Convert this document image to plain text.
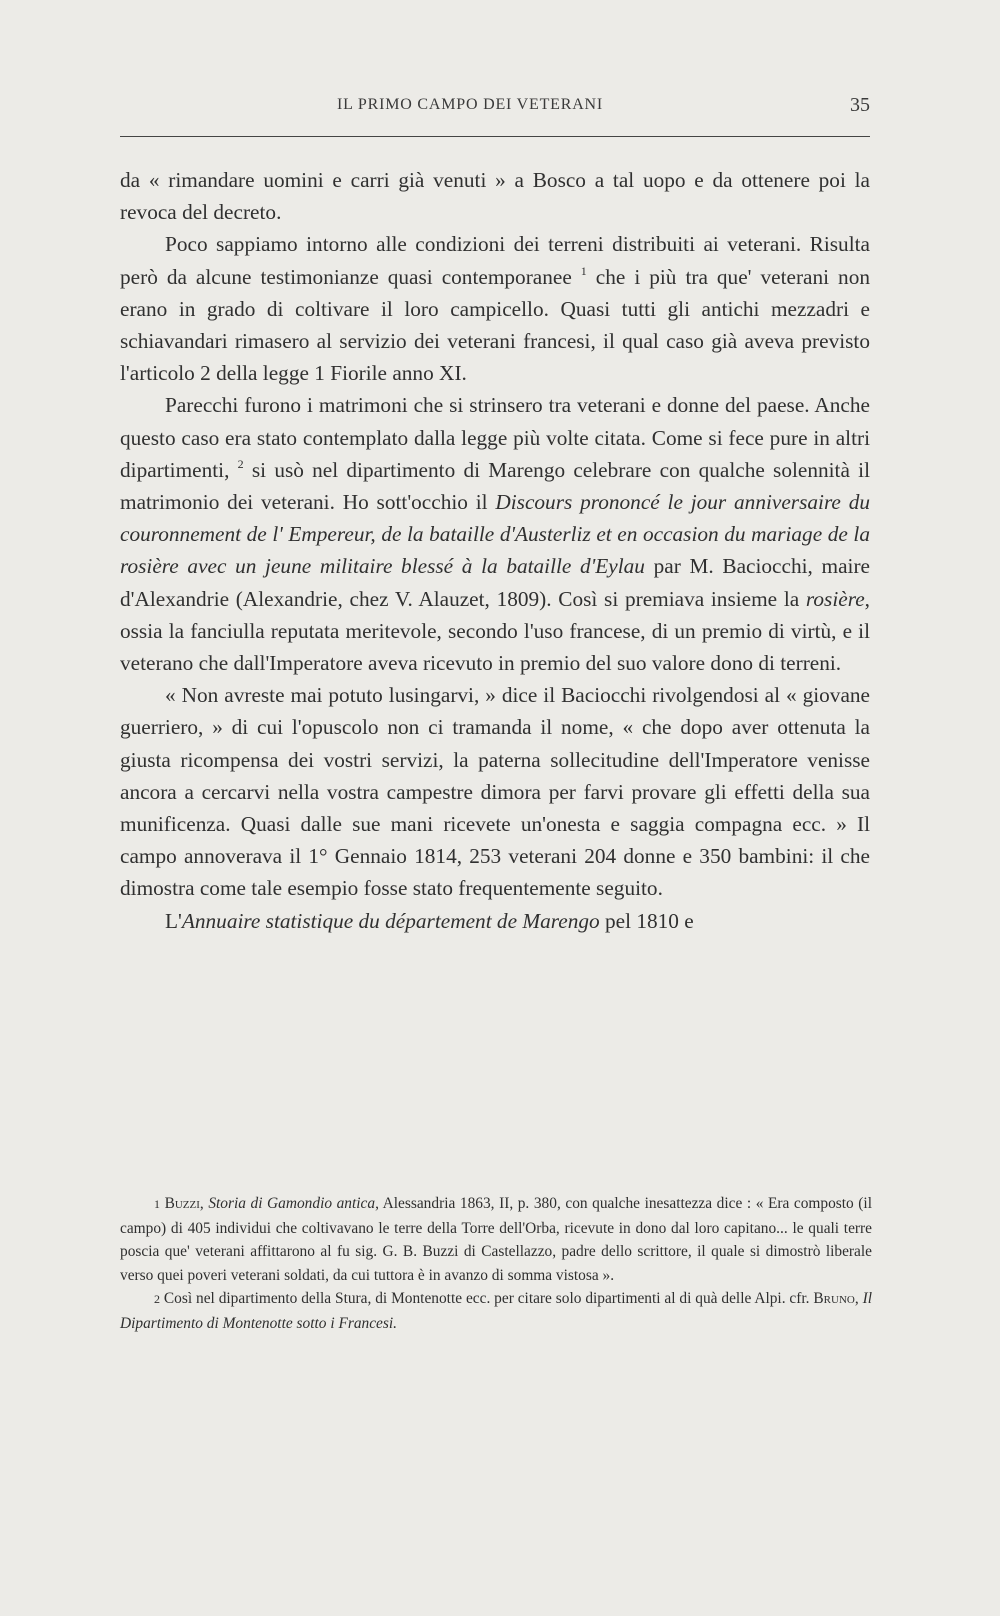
IL PRIMO CAMPO DEI VETERANI	35

da « rimandare uomini e carri già venuti » a Bosco a tal uopo e da ottenere poi la revoca del decreto.

Poco sappiamo intorno alle condizioni dei terreni distribuiti ai veterani. Risulta però da alcune testimonianze quasi contemporanee $^1$ che i più tra que' veterani non erano in grado di coltivare il loro campicello. Quasi tutti gli antichi mezzadri e schiavandari rimasero al servizio dei veterani francesi, il qual caso già aveva previsto l'articolo 2 della legge 1 Fiorile anno XI.

Parecchi furono i matrimoni che si strinsero tra veterani e donne del paese. Anche questo caso era stato contemplato dalla legge più volte citata. Come si fece pure in altri dipartimenti, $^2$ si usò nel dipartimento di Marengo celebrare con qualche solennità il matrimonio dei veterani. Ho sott'occhio il Discours prononcé le jour anniversaire du couronnement de l' Empereur, de la bataille d'Austerliz et en occasion du mariage de la rosière avec un jeune militaire blessé à la bataille d'Eylau par M. Baciocchi, maire d'Alexandrie (Alexandrie, chez V. Alauzet, 1809). Così si premiava insieme la rosière, ossia la fanciulla reputata meritevole, secondo l'uso francese, di un premio di virtù, e il veterano che dall'Imperatore aveva ricevuto in premio del suo valore dono di terreni.

« Non avreste mai potuto lusingarvi, » dice il Baciocchi rivolgendosi al « giovane guerriero, » di cui l'opuscolo non ci tramanda il nome, « che dopo aver ottenuta la giusta ricompensa dei vostri servizi, la paterna sollecitudine dell'Imperatore venisse ancora a cercarvi nella vostra campestre dimora per farvi provare gli effetti della sua munificenza. Quasi dalle sue mani ricevete un'onesta e saggia compagna ecc. » Il campo annoverava il 1° Gennaio 1814, 253 veterani 204 donne e 350 bambini: il che dimostra come tale esempio fosse stato frequentemente seguito.

L'Annuaire statistique du département de Marengo pel 1810 e

1 Buzzi, Storia di Gamondio antica, Alessandria 1863, II, p. 380, con qualche inesattezza dice : « Era composto (il campo) di 405 individui che coltivavano le terre della Torre dell'Orba, ricevute in dono dal loro capitano... le quali terre poscia que' veterani affittarono al fu sig. G. B. Buzzi di Castellazzo, padre dello scrittore, il quale si dimostrò liberale verso quei poveri veterani soldati, da cui tuttora è in avanzo di somma vistosa ».

2 Così nel dipartimento della Stura, di Montenotte ecc. per citare solo dipartimenti al di quà delle Alpi. cfr. Bruno, Il Dipartimento di Montenotte sotto i Francesi.
